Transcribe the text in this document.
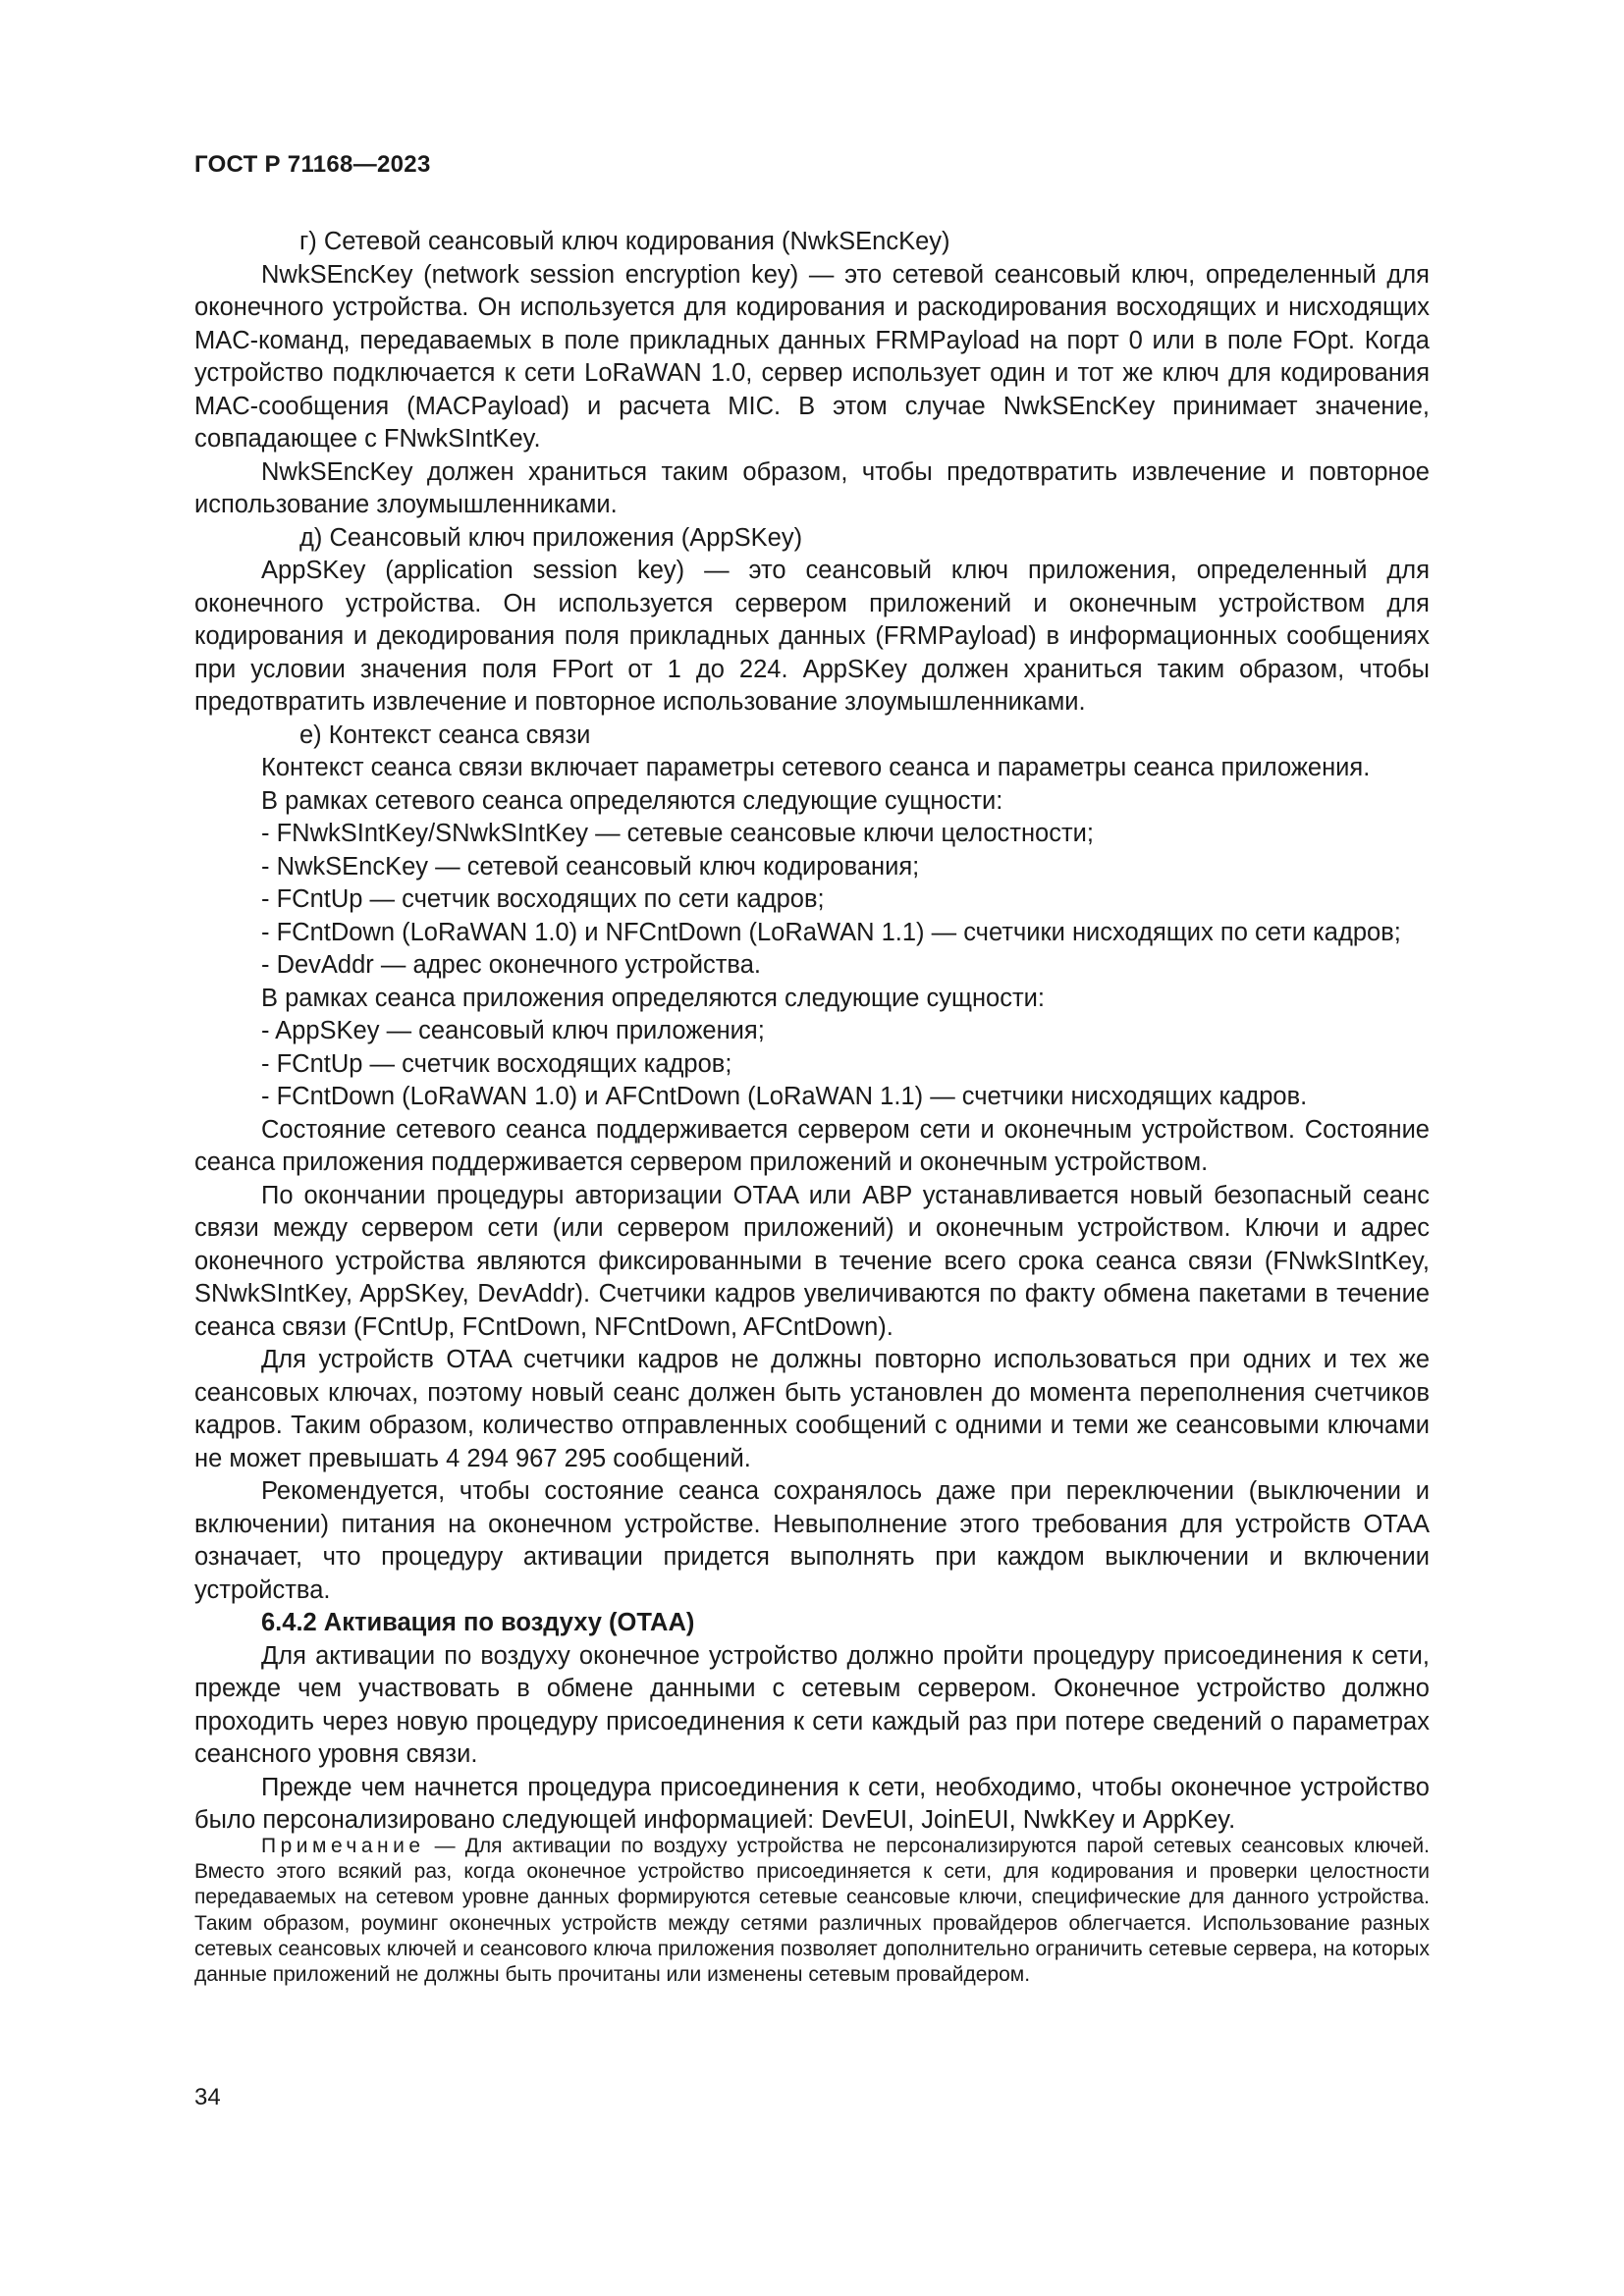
ГОСТ Р 71168—2023

г) Сетевой сеансовый ключ кодирования (NwkSEncKey)

NwkSEncKey (network session encryption key) — это сетевой сеансовый ключ, определенный для оконечного устройства. Он используется для кодирования и раскодирования восходящих и нисходящих MAC-команд, передаваемых в поле прикладных данных FRMPayload на порт 0 или в поле FOpt. Когда устройство подключается к сети LoRaWAN 1.0, сервер использует один и тот же ключ для кодирования MAC-сообщения (MACPayload) и расчета MIC. В этом случае NwkSEncKey принимает значение, совпадающее с FNwkSIntKey.

NwkSEncKey должен храниться таким образом, чтобы предотвратить извлечение и повторное использование злоумышленниками.

д) Сеансовый ключ приложения (AppSKey)

AppSKey (application session key) — это сеансовый ключ приложения, определенный для оконечного устройства. Он используется сервером приложений и оконечным устройством для кодирования и декодирования поля прикладных данных (FRMPayload) в информационных сообщениях при условии значения поля FPort от 1 до 224. AppSKey должен храниться таким образом, чтобы предотвратить извлечение и повторное использование злоумышленниками.

е) Контекст сеанса связи

Контекст сеанса связи включает параметры сетевого сеанса и параметры сеанса приложения.

В рамках сетевого сеанса определяются следующие сущности:

- FNwkSIntKey/SNwkSIntKey — сетевые сеансовые ключи целостности;

- NwkSEncKey — сетевой сеансовый ключ кодирования;

- FCntUp — счетчик восходящих по сети кадров;

- FCntDown (LoRaWAN 1.0) и NFCntDown (LoRaWAN 1.1) — счетчики нисходящих по сети кадров;

- DevAddr — адрес оконечного устройства.

В рамках сеанса приложения определяются следующие сущности:

- AppSKey — сеансовый ключ приложения;

- FCntUp — счетчик восходящих кадров;

- FCntDown (LoRaWAN 1.0) и AFCntDown (LoRaWAN 1.1) — счетчики нисходящих кадров.

Состояние сетевого сеанса поддерживается сервером сети и оконечным устройством. Состояние сеанса приложения поддерживается сервером приложений и оконечным устройством.

По окончании процедуры авторизации OTAA или ABP устанавливается новый безопасный сеанс связи между сервером сети (или сервером приложений) и оконечным устройством. Ключи и адрес оконечного устройства являются фиксированными в течение всего срока сеанса связи (FNwkSIntKey, SNwkSIntKey, AppSKey, DevAddr). Счетчики кадров увеличиваются по факту обмена пакетами в течение сеанса связи (FCntUp, FCntDown, NFCntDown, AFCntDown).

Для устройств OTAA счетчики кадров не должны повторно использоваться при одних и тех же сеансовых ключах, поэтому новый сеанс должен быть установлен до момента переполнения счетчиков кадров. Таким образом, количество отправленных сообщений с одними и теми же сеансовыми ключами не может превышать 4 294 967 295 сообщений.

Рекомендуется, чтобы состояние сеанса сохранялось даже при переключении (выключении и включении) питания на оконечном устройстве. Невыполнение этого требования для устройств OTAA означает, что процедуру активации придется выполнять при каждом выключении и включении устройства.

6.4.2 Активация по воздуху (OTAA)

Для активации по воздуху оконечное устройство должно пройти процедуру присоединения к сети, прежде чем участвовать в обмене данными с сетевым сервером. Оконечное устройство должно проходить через новую процедуру присоединения к сети каждый раз при потере сведений о параметрах сеансного уровня связи.

Прежде чем начнется процедура присоединения к сети, необходимо, чтобы оконечное устройство было персонализировано следующей информацией: DevEUI, JoinEUI, NwkKey и AppKey.

Примечание — Для активации по воздуху устройства не персонализируются парой сетевых сеансовых ключей. Вместо этого всякий раз, когда оконечное устройство присоединяется к сети, для кодирования и проверки целостности передаваемых на сетевом уровне данных формируются сетевые сеансовые ключи, специфические для данного устройства. Таким образом, роуминг оконечных устройств между сетями различных провайдеров облегчается. Использование разных сетевых сеансовых ключей и сеансового ключа приложения позволяет дополнительно ограничить сетевые сервера, на которых данные приложений не должны быть прочитаны или изменены сетевым провайдером.

34
